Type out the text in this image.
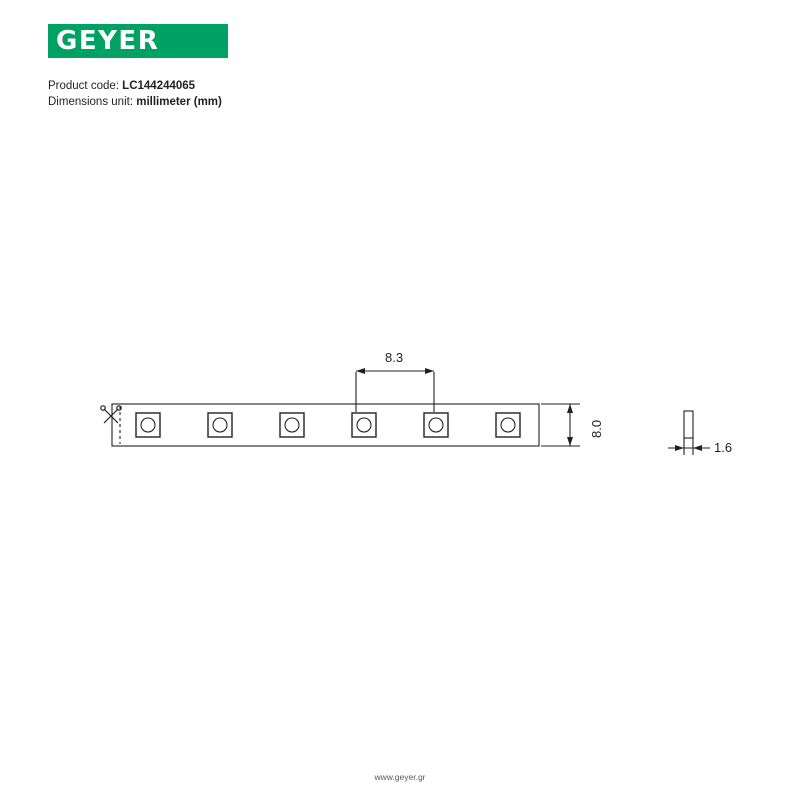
GEYER
Product code: LC144244065
Dimensions unit: millimeter (mm)
8.3
8.0
1.6
www.geyer.gr
